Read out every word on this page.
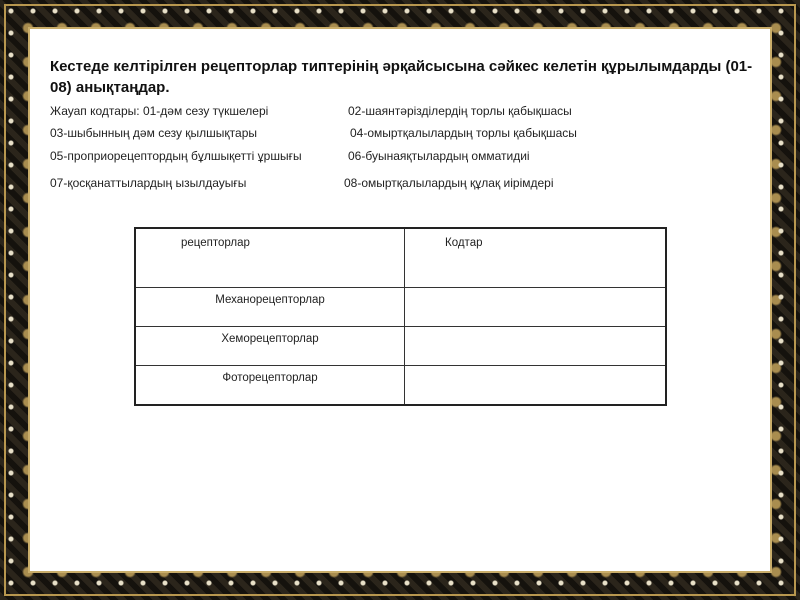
Кестеде келтірілген рецепторлар типтерінің әрқайсысына сәйкес келетін құрылымдарды (01-08) анықтаңдар.
Жауап кодтары: 01-дәм сезу түкшелері	02-шаянтәрізділердің торлы қабықшасы
03-шыбынның дәм сезу қылшықтары	04-омыртқалылардың торлы қабықшасы
05-проприорецептордың бұлшықетті ұршығы	06-буынаяқтылардың омматидиі
07-қосқанаттылардың ызылдауығы	08-омыртқалылардың құлақ иірімдері
рецепторлар	Кодтар

Механорецепторлар	

Хеморецепторлар	

Фоторецепторлар	
